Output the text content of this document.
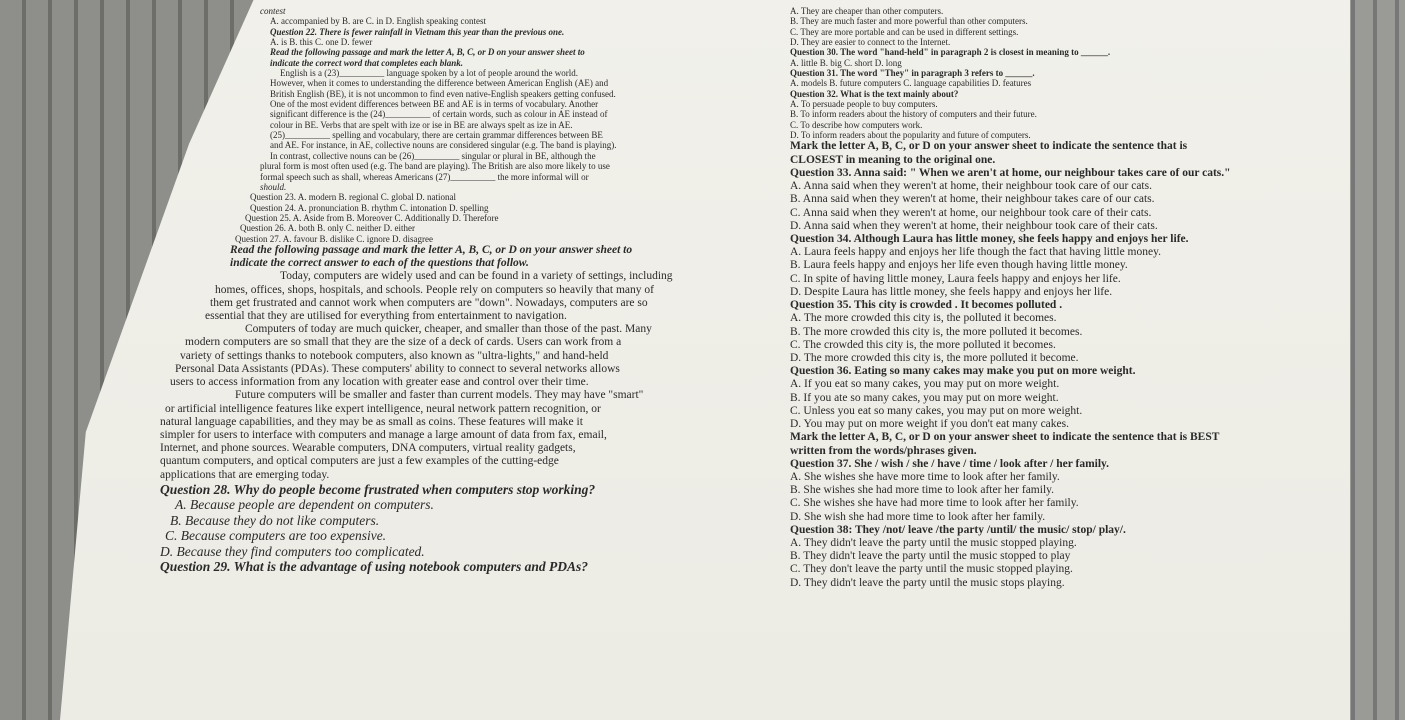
contest
A. accompanied by B. are C. in D. English speaking contest
Question 22. There is fewer rainfall in Vietnam this year than the previous one.
A. is B. this C. one D. fewer
Read the following passage and mark the letter A, B, C, or D on your answer sheet to
indicate the correct word that completes each blank.
English is a (23)__________ language spoken by a lot of people around the world.
However, when it comes to understanding the difference between American English (AE) and
British English (BE), it is not uncommon to find even native-English speakers getting confused.
One of the most evident differences between BE and AE is in terms of vocabulary. Another
significant difference is the (24)__________ of certain words, such as colour in AE instead of
colour in BE. Verbs that are spelt with ize or ise in BE are always spelt as ize in AE.
(25)__________ spelling and vocabulary, there are certain grammar differences between BE
and AE. For instance, in AE, collective nouns are considered singular (e.g. The band is playing).
In contrast, collective nouns can be (26)__________ singular or plural in BE, although the
plural form is most often used (e.g. The band are playing). The British are also more likely to use
formal speech such as shall, whereas Americans (27)__________ the more informal will or
should.
Question 23. A. modern B. regional C. global D. national
Question 24. A. pronunciation B. rhythm C. intonation D. spelling
Question 25. A. Aside from B. Moreover C. Additionally D. Therefore
Question 26. A. both B. only C. neither D. either
Question 27. A. favour B. dislike C. ignore D. disagree
Read the following passage and mark the letter A, B, C, or D on your answer sheet to
indicate the correct answer to each of the questions that follow.
Today, computers are widely used and can be found in a variety of settings, including
homes, offices, shops, hospitals, and schools. People rely on computers so heavily that many of
them get frustrated and cannot work when computers are "down". Nowadays, computers are so
essential that they are utilised for everything from entertainment to navigation.
Computers of today are much quicker, cheaper, and smaller than those of the past. Many
modern computers are so small that they are the size of a deck of cards. Users can work from a
variety of settings thanks to notebook computers, also known as "ultra-lights," and hand-held
Personal Data Assistants (PDAs). These computers' ability to connect to several networks allows
users to access information from any location with greater ease and control over their time.
Future computers will be smaller and faster than current models. They may have "smart"
or artificial intelligence features like expert intelligence, neural network pattern recognition, or
natural language capabilities, and they may be as small as coins. These features will make it
simpler for users to interface with computers and manage a large amount of data from fax, email,
Internet, and phone sources. Wearable computers, DNA computers, virtual reality gadgets,
quantum computers, and optical computers are just a few examples of the cutting-edge
applications that are emerging today.
Question 28. Why do people become frustrated when computers stop working?
A. Because people are dependent on computers.
B. Because they do not like computers.
C. Because computers are too expensive.
D. Because they find computers too complicated.
Question 29. What is the advantage of using notebook computers and PDAs?
A. They are cheaper than other computers.
B. They are much faster and more powerful than other computers.
C. They are more portable and can be used in different settings.
D. They are easier to connect to the Internet.
Question 30. The word "hand-held" in paragraph 2 is closest in meaning to ______.
A. little B. big C. short D. long
Question 31. The word "They" in paragraph 3 refers to ______.
A. models B. future computers C. language capabilities D. features
Question 32. What is the text mainly about?
A. To persuade people to buy computers.
B. To inform readers about the history of computers and their future.
C. To describe how computers work.
D. To inform readers about the popularity and future of computers.
Mark the letter A, B, C, or D on your answer sheet to indicate the sentence that is
CLOSEST in meaning to the original one.
Question 33. Anna said: " When we aren't at home, our neighbour takes care of our cats."
A. Anna said when they weren't at home, their neighbour took care of our cats.
B. Anna said when they weren't at home, their neighbour takes care of our cats.
C. Anna said when they weren't at home, our neighbour took care of their cats.
D. Anna said when they weren't at home, their neighbour took care of their cats.
Question 34. Although Laura has little money, she feels happy and enjoys her life.
A. Laura feels happy and enjoys her life though the fact that having little money.
B. Laura feels happy and enjoys her life even though having little money.
C. In spite of having little money, Laura feels happy and enjoys her life.
D. Despite Laura has little money, she feels happy and enjoys her life.
Question 35. This city is crowded . It becomes polluted .
A. The more crowded this city is, the polluted it becomes.
B. The more crowded this city is, the more polluted it becomes.
C. The crowded this city is, the more polluted it becomes.
D. The more crowded this city is, the more polluted it become.
Question 36. Eating so many cakes may make you put on more weight.
A. If you eat so many cakes, you may put on more weight.
B. If you ate so many cakes, you may put on more weight.
C. Unless you eat so many cakes, you may put on more weight.
D. You may put on more weight if you don't eat many cakes.
Mark the letter A, B, C, or D on your answer sheet to indicate the sentence that is BEST
written from the words/phrases given.
Question 37. She / wish / she / have / time / look after / her family.
A. She wishes she have more time to look after her family.
B. She wishes she had more time to look after her family.
C. She wishes she have had more time to look after her family.
D. She wish she had more time to look after her family.
Question 38: They /not/ leave /the party /until/ the music/ stop/ play/.
A. They didn't leave the party until the music stopped playing.
B. They didn't leave the party until the music stopped to play
C. They don't leave the party until the music stopped playing.
D. They didn't leave the party until the music stops playing.
